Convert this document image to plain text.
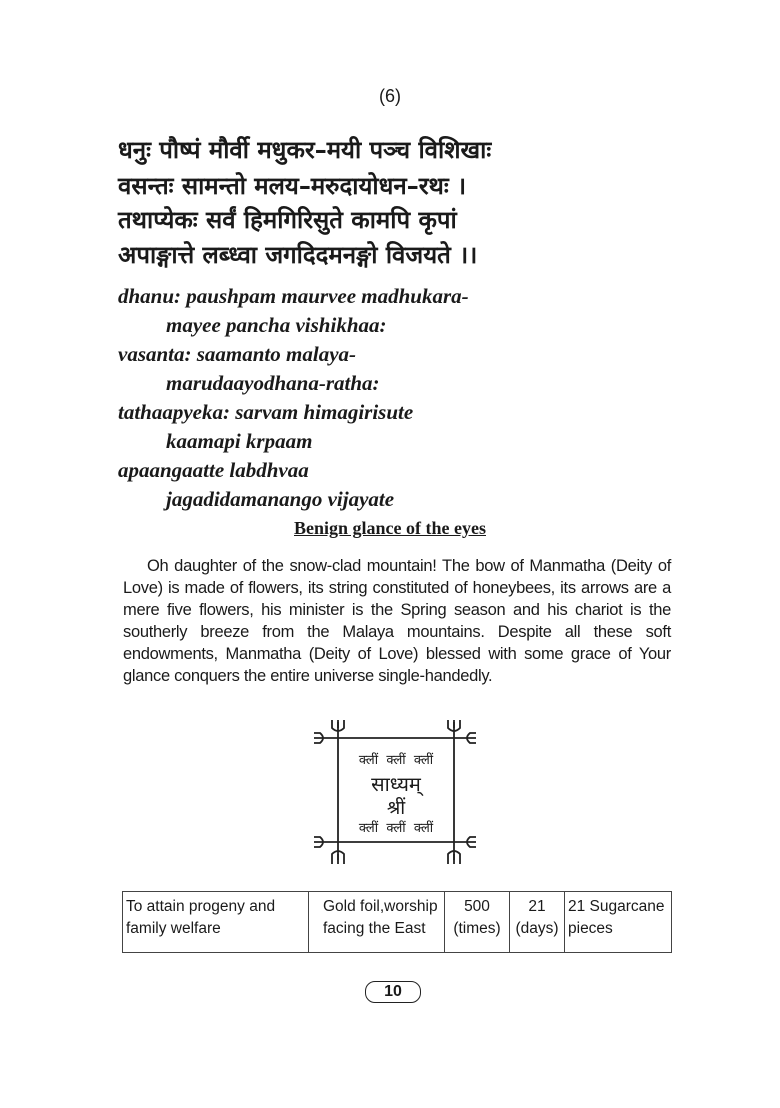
(6)
धनुः पौष्पं मौर्वी मधुकर–मयी पञ्च विशिखाः
वसन्तः सामन्तो मलय–मरुदायोधन–रथः ।
तथाप्येकः सर्वं हिमगिरिसुते कामपि कृपां
अपाङ्गात्ते लब्ध्वा जगदिदमनङ्गो विजयते ।।
dhanu: paushpam maurvee madhukara-
mayee pancha vishikhaa:
vasanta: saamanto malaya-
marudaayodhana-ratha:
tathaapyeka: sarvam himagirisute
kaamapi krpaam
apaangaatte labdhvaa
jagadidamanango vijayate
Benign glance of the eyes
Oh daughter of the snow-clad mountain! The bow of Manmatha (Deity of Love) is made of flowers, its string constituted of honeybees, its arrows are a mere five flowers, his minister is the Spring season and his chariot is the southerly breeze from the Malaya mountains. Despite all these soft endowments, Manmatha (Deity of Love) blessed with some grace of Your glance conquers the entire universe single-handedly.
क्लीं  क्लीं  क्लीं
साध्यम्
श्रीं
क्लीं  क्लीं  क्लीं
To attain progeny and family welfare	Gold foil,worship facing the East	500 (times)	21 (days)	21 Sugarcane pieces
10
